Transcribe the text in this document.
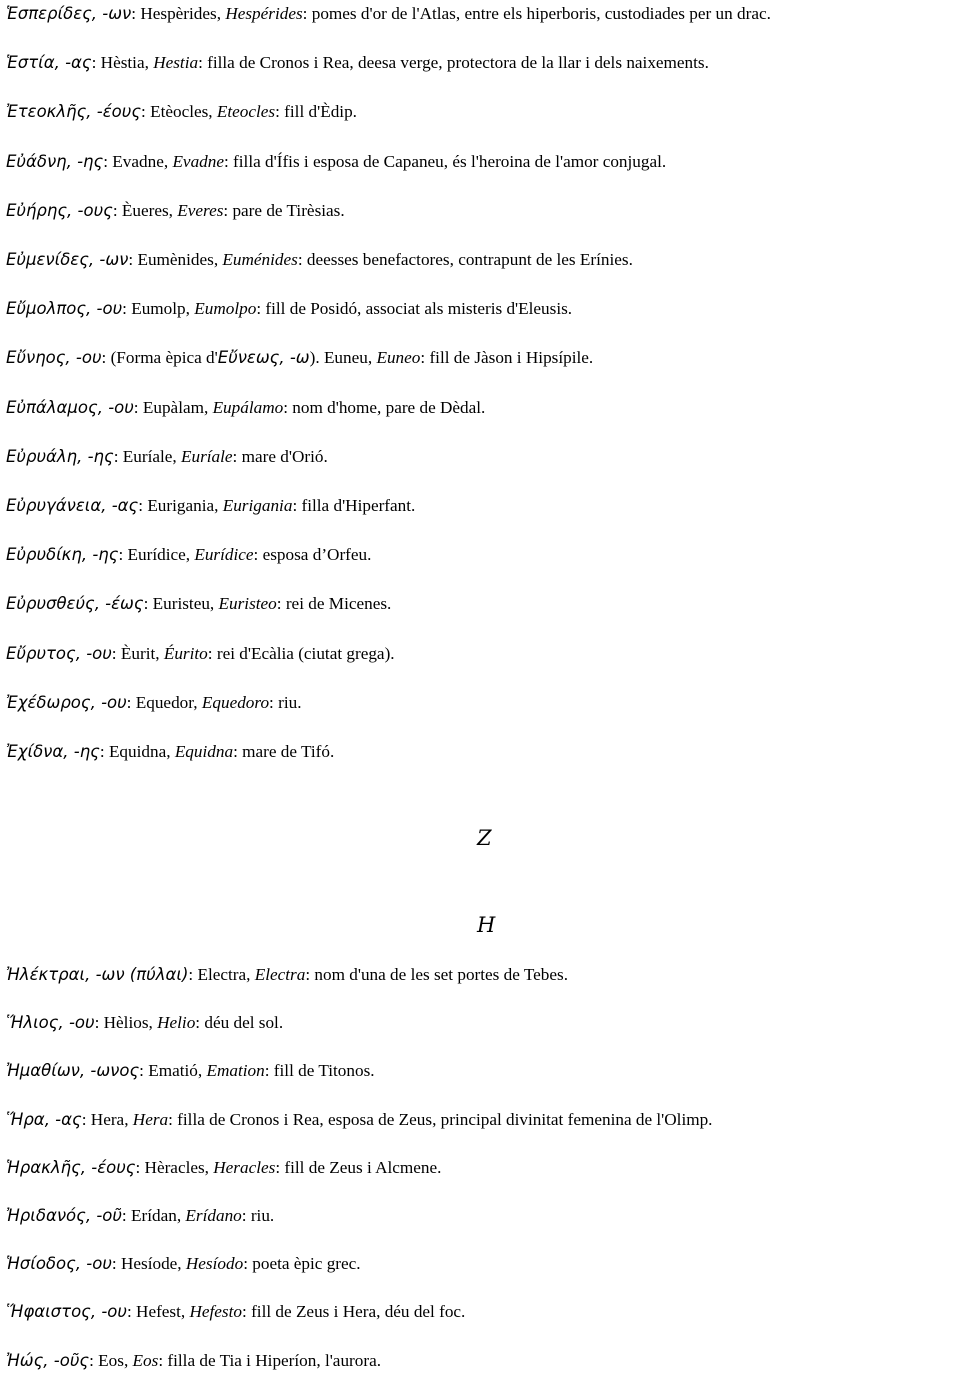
Ἑσπερίδες, -ων: Hespèrides, Hespérides: pomes d'or de l'Atlas, entre els hiperboris, custodiades per un drac.
Ἑστία, -ας: Hèstia, Hestia: filla de Cronos i Rea, deesa verge, protectora de la llar i dels naixements.
Ἐτεοκλῆς, -έους: Etèocles, Eteocles: fill d'Èdip.
Εὐάδνη, -ης: Evadne, Evadne: filla d'Ífis i esposa de Capaneu, és l'heroina de l'amor conjugal.
Εὐήρης, -ους: Èueres, Everes: pare de Tirèsias.
Εὐμενίδες, -ων: Eumènides, Euménides: deesses benefactores, contrapunt de les Erínies.
Εὔμολπος, -ου: Eumolp, Eumolpo: fill de Posidó, associat als misteris d'Eleusis.
Εὔνηος, -ου: (Forma èpica d'Εὔνεως, -ω). Euneu, Euneo: fill de Jàson i Hipsípile.
Εὐπάλαμος, -ου: Eupàlam, Eupálamo: nom d'home, pare de Dèdal.
Εὐρυάλη, -ης: Euríale, Euríale: mare d'Orió.
Εὐρυγάνεια, -ας: Eurigania, Eurigania: filla d'Hiperfant.
Εὐρυδίκη, -ης: Eurídice, Eurídice: esposa d’Orfeu.
Εὐρυσθεύς, -έως: Euristeu, Euristeo: rei de Micenes.
Εὔρυτος, -ου: Èurit, Éurito: rei d'Ecàlia (ciutat grega).
Ἐχέδωρος, -ου: Equedor, Equedoro: riu.
Ἐχίδνα, -ης: Equidna, Equidna: mare de Tifó.
Z
H
Ἠλέκτραι, -ων (πύλαι): Electra, Electra: nom d'una de les set portes de Tebes.
Ἥλιος, -ου: Hèlios, Helio: déu del sol.
Ἠμαθίων, -ωνος: Ematió, Emation: fill de Titonos.
Ἥρα, -ας: Hera, Hera: filla de Cronos i Rea, esposa de Zeus, principal divinitat femenina de l'Olimp.
Ἡρακλῆς, -έους: Hèracles, Heracles: fill de Zeus i Alcmene.
Ἠριδανός, -οῦ: Erídan, Erídano: riu.
Ἡσίοδος, -ου: Hesíode, Hesíodo: poeta èpic grec.
Ἥφαιστος, -ου: Hefest, Hefesto: fill de Zeus i Hera, déu del foc.
Ἠώς, -οῦς: Eos, Eos: filla de Tia i Hiperíon, l'aurora.
